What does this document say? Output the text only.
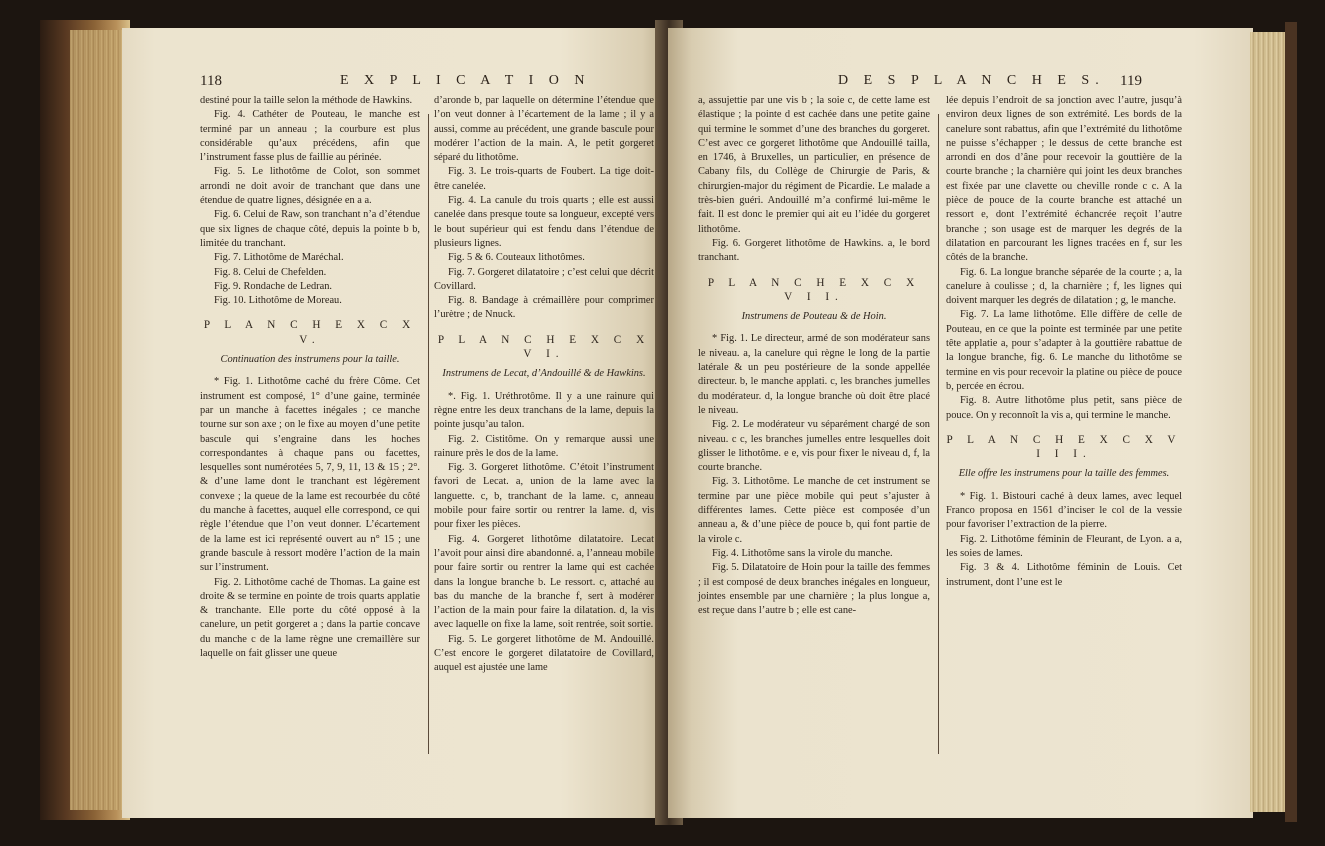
118	E X P L I C A T I O N

destiné pour la taille selon la méthode de Hawkins.

Fig. 4. Cathéter de Pouteau, le manche est terminé par un anneau ; la courbure est plus considérable qu’aux précédens, afin que l’instrument fasse plus de faillie au périnée.

Fig. 5. Le lithotôme de Colot, son sommet arrondi ne doit avoir de tranchant que dans une étendue de quatre lignes, désignée en a a.

Fig. 6. Celui de Raw, son tranchant n’a d’étendue que six lignes de chaque côté, depuis la pointe b b, limitée du tranchant.

Fig. 7. Lithotôme de Maréchal.

Fig. 8. Celui de Chefelden.

Fig. 9. Rondache de Ledran.

Fig. 10. Lithotôme de Moreau.

P L A N C H E X C X V.
Continuation des instrumens pour la taille.

* Fig. 1. Lithotôme caché du frère Côme. Cet instrument est composé, 1° d’une gaine, terminée par un manche à facettes inégales ; ce manche tourne sur son axe ; on le fixe au moyen d’une petite bascule qui s’engraine dans les hoches correspondantes à chaque pans ou facettes, lesquelles sont numérotées 5, 7, 9, 11, 13 & 15 ; 2°. & d’une lame dont le tranchant est légèrement convexe ; la queue de la lame est recourbée du côté du manche à facettes, auquel elle correspond, ce qui règle l’étendue que l’on veut donner. L’écartement de la lame est ici représenté ouvert au n° 15 ; une grande bascule à ressort modère l’action de la main sur l’instrument.

Fig. 2. Lithotôme caché de Thomas. La gaine est droite & se termine en pointe de trois quarts applatie & tranchante. Elle porte du côté opposé à la canelure, un petit gorgeret a ; dans la partie concave du manche c de la lame règne une cremaillère sur laquelle on fait glisser une queue

d’aronde b, par laquelle on détermine l’étendue que l’on veut donner à l’écartement de la lame ; il y a aussi, comme au précédent, une grande bascule pour modérer l’action de la main. A, le petit gorgeret séparé du lithotôme.

Fig. 3. Le trois-quarts de Foubert. La tige doit-être canelée.

Fig. 4. La canule du trois quarts ; elle est aussi canelée dans presque toute sa longueur, excepté vers le bout supérieur qui est fendu dans l’étendue de plusieurs lignes.

Fig. 5 & 6. Couteaux lithotômes.

Fig. 7. Gorgeret dilatatoire ; c’est celui que décrit Covillard.

Fig. 8. Bandage à crémaillère pour comprimer l’urètre ; de Nnuck.

P L A N C H E X C X V I.
Instrumens de Lecat, d’Andouillé & de Hawkins.

*. Fig. 1. Uréthrotôme. Il y a une rainure qui règne entre les deux tranchans de la lame, depuis la pointe jusqu’au talon.

Fig. 2. Cistitôme. On y remarque aussi une rainure près le dos de la lame.

Fig. 3. Gorgeret lithotôme. C’étoit l’instrument favori de Lecat. a, union de la lame avec la languette. c, b, tranchant de la lame. c, anneau mobile pour faire sortir ou rentrer la lame. d, vis pour fixer les pièces.

Fig. 4. Gorgeret lithotôme dilatatoire. Lecat l’avoit pour ainsi dire abandonné. a, l’anneau mobile pour faire sortir ou rentrer la lame qui est cachée dans la longue branche b. Le ressort. c, attaché au bas du manche de la branche f, sert à modérer l’action de la main pour faire la dilatation. d, la vis avec laquelle on fixe la lame, soit rentrée, soit sortie.

Fig. 5. Le gorgeret lithotôme de M. Andouillé. C’est encore le gorgeret dilatatoire de Covillard, auquel est ajustée une lame

D E S P L A N C H E S. 119

a, assujettie par une vis b ; la soie c, de cette lame est élastique ; la pointe d est cachée dans une petite gaine qui termine le sommet d’une des branches du gorgeret. C’est avec ce gorgeret lithotôme que Andouillé tailla, en 1746, à Bruxelles, un particulier, en présence de Cabany fils, du Collège de Chirurgie de Paris, & chirurgien-major du régiment de Picardie. Le malade a très-bien guéri. Andouillé m’a confirmé lui-même le fait. Il est donc le premier qui ait eu l’idée du gorgeret lithotôme.

Fig. 6. Gorgeret lithotôme de Hawkins. a, le bord tranchant.

P L A N C H E X C X V I I.
Instrumens de Pouteau & de Hoin.

* Fig. 1. Le directeur, armé de son modérateur sans le niveau. a, la canelure qui règne le long de la partie latérale & un peu postérieure de la sonde appellée directeur. b, le manche applati. c, les branches jumelles du modérateur. d, la longue branche où doit être placé le niveau.

Fig. 2. Le modérateur vu séparément chargé de son niveau. c c, les branches jumelles entre lesquelles doit glisser le lithotôme. e e, vis pour fixer le niveau d, f, la courte branche.

Fig. 3. Lithotôme. Le manche de cet instrument se termine par une pièce mobile qui peut s’ajuster à différentes lames. Cette pièce est composée d’un anneau a, & d’une pièce de pouce b, qui font partie de la virole c.

Fig. 4. Lithotôme sans la virole du manche.

Fig. 5. Dilatatoire de Hoin pour la taille des femmes ; il est composé de deux branches inégales en longueur, jointes ensemble par une charnière ; la plus longue a, est reçue dans l’autre b ; elle est cane-

lée depuis l’endroit de sa jonction avec l’autre, jusqu’à environ deux lignes de son extrémité. Les bords de la canelure sont rabattus, afin que l’extrémité du lithotôme ne puisse s’échapper ; le dessus de cette branche est arrondi en dos d’âne pour recevoir la gouttière de la courte branche ; la charnière qui joint les deux branches est fixée par une clavette ou cheville ronde c c. A la pièce de pouce de la courte branche est attaché un ressort e, dont l’extrémité échancrée reçoit l’autre branche ; son usage est de marquer les degrés de la dilatation en parcourant les lignes tracées en f, sur les côtés de la branche.

Fig. 6. La longue branche séparée de la courte ; a, la canelure à coulisse ; d, la charnière ; f, les lignes qui doivent marquer les degrés de dilatation ; g, le manche.

Fig. 7. La lame lithotôme. Elle diffère de celle de Pouteau, en ce que la pointe est terminée par une petite tête applatie a, pour s’adapter à la gouttière rabattue de la longue branche, fig. 6. Le manche du lithotôme se termine en vis pour recevoir la platine ou pièce de pouce b, percée en écrou.

Fig. 8. Autre lithotôme plus petit, sans pièce de pouce. On y reconnoît la vis a, qui termine le manche.

P L A N C H E X C X V I I I.
Elle offre les instrumens pour la taille des femmes.

* Fig. 1. Bistouri caché à deux lames, avec lequel Franco proposa en 1561 d’inciser le col de la vessie pour favoriser l’extraction de la pierre.

Fig. 2. Lithotôme féminin de Fleurant, de Lyon. a a, les soies de lames.

Fig. 3 & 4. Lithotôme féminin de Louis. Cet instrument, dont l’une est le
